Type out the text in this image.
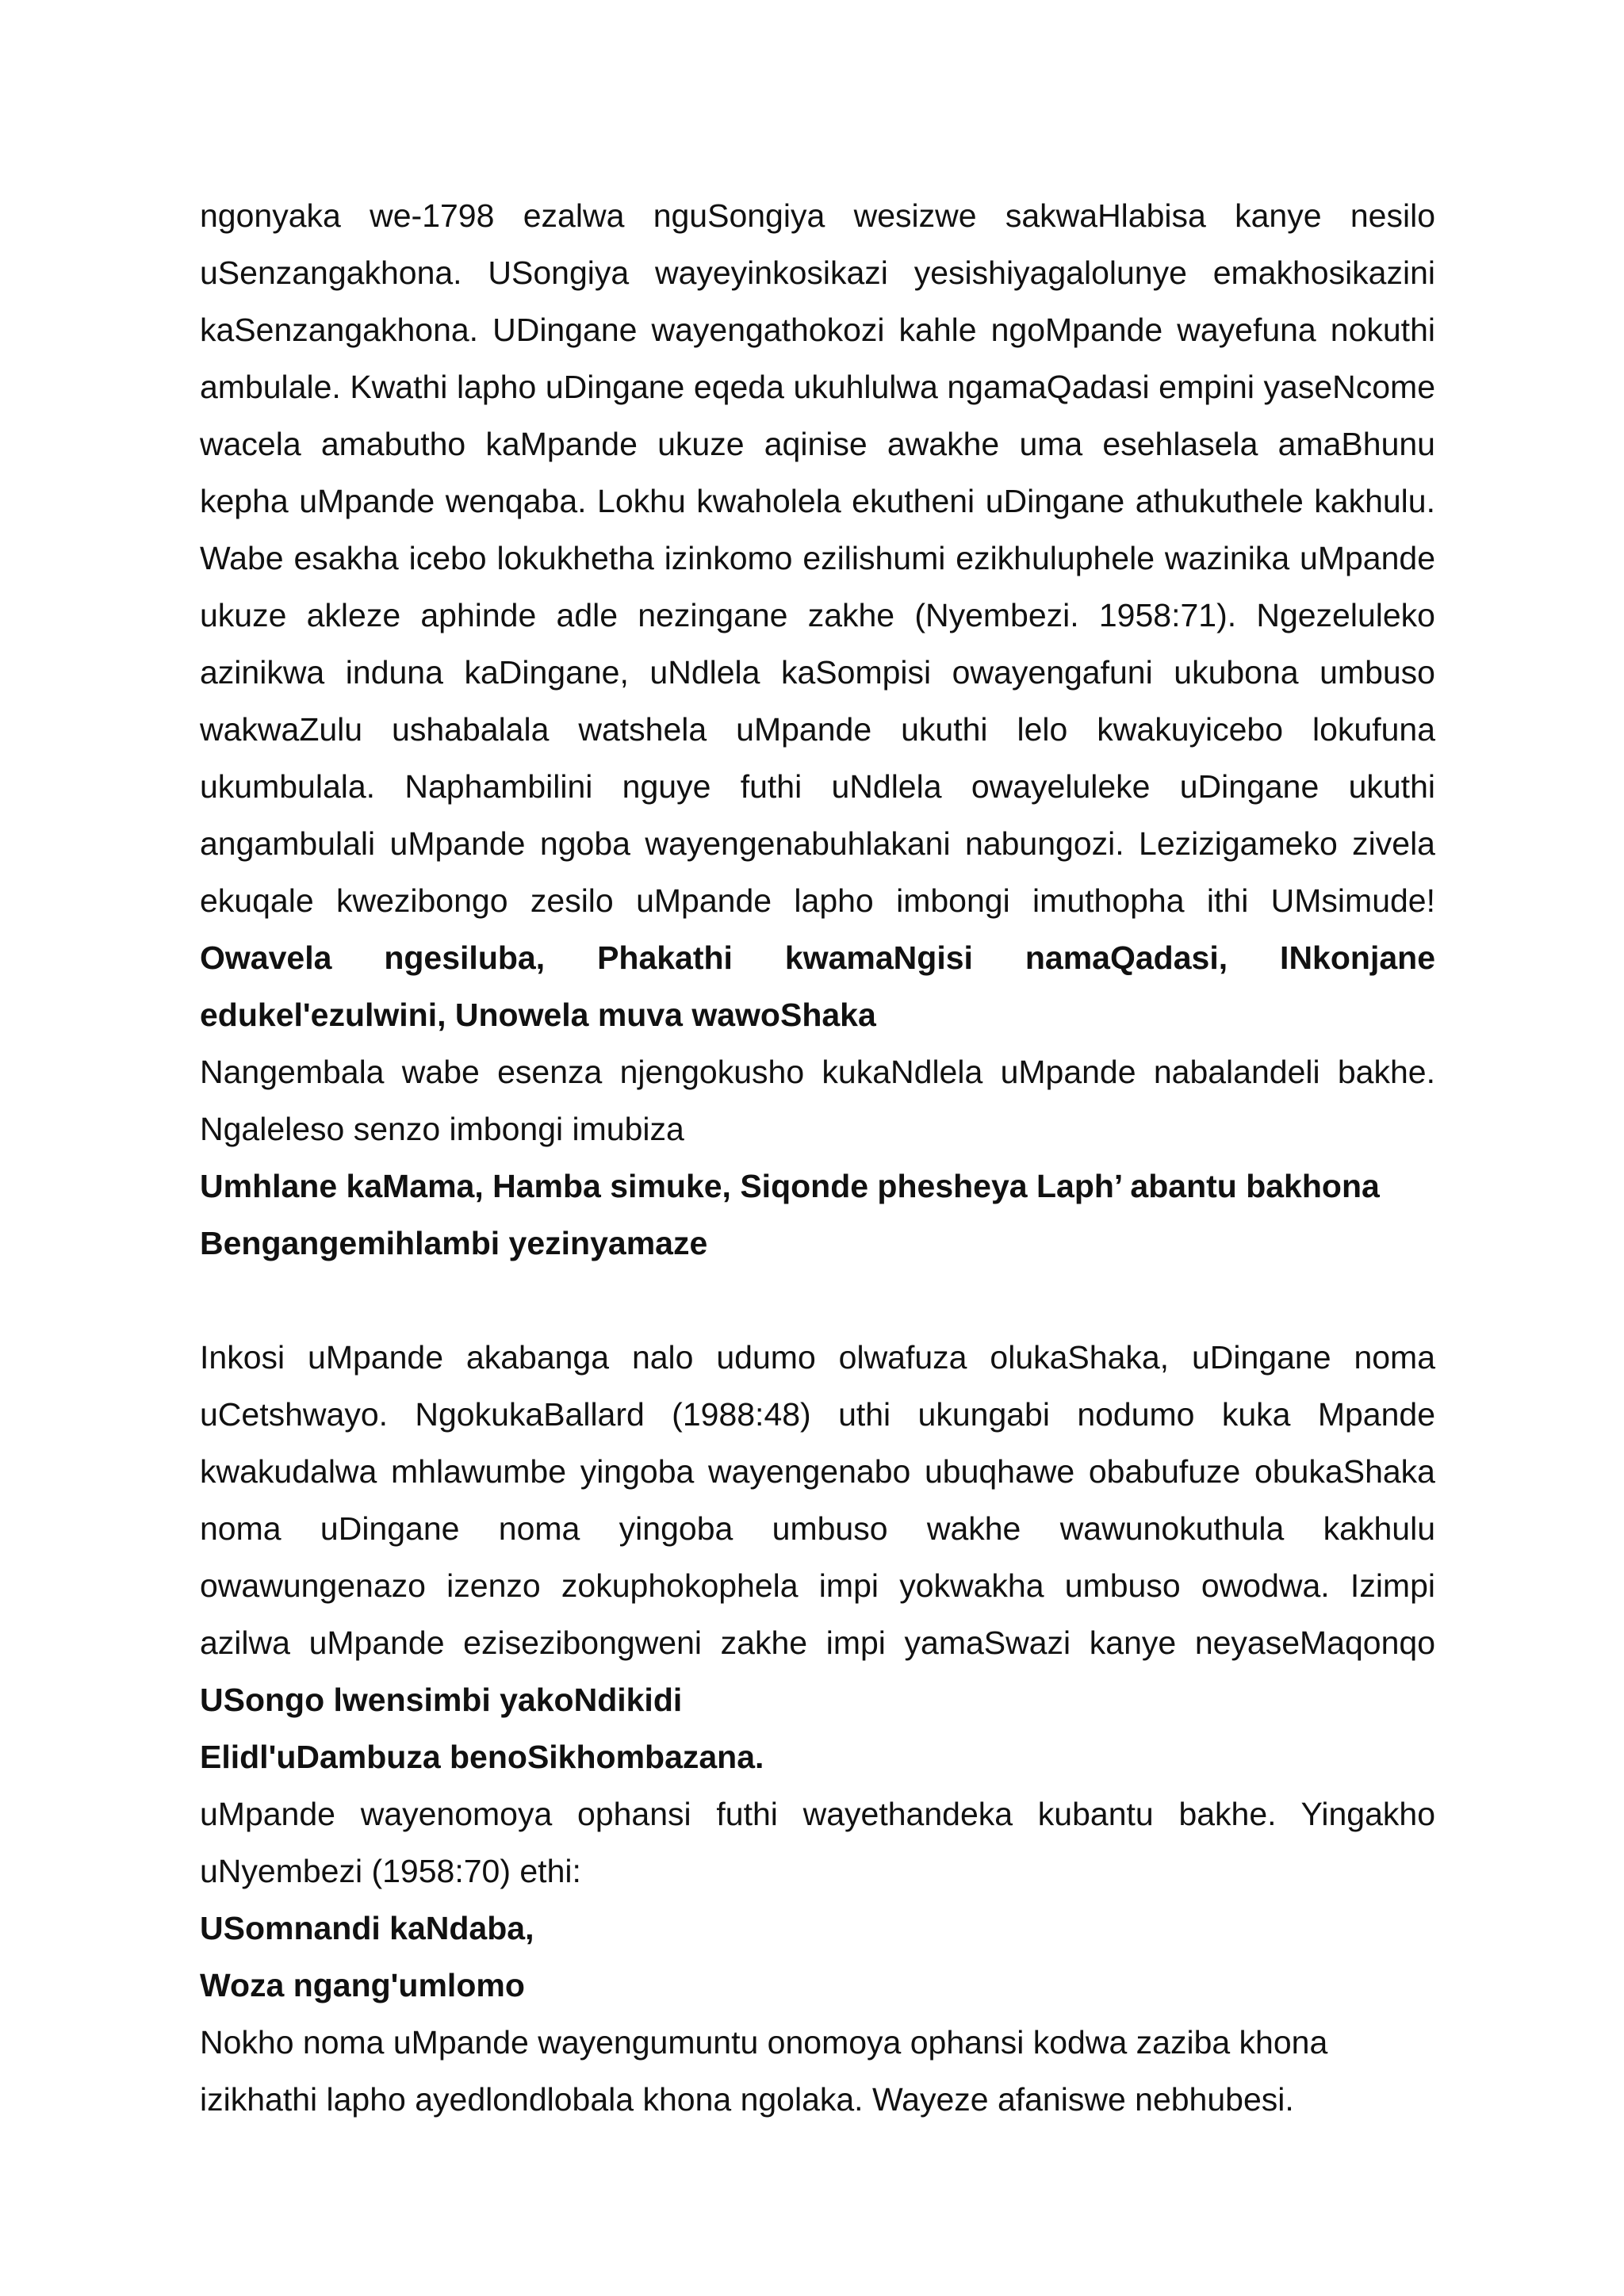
ngonyaka we-1798 ezalwa nguSongiya wesizwe sakwaHlabisa kanye nesilo
uSenzangakhona. USongiya wayeyinkosikazi yesishiyagalolunye emakhosikazini
kaSenzangakhona. UDingane wayengathokozi kahle ngoMpande wayefuna nokuthi
ambulale. Kwathi lapho uDingane eqeda ukuhlulwa ngamaQadasi empini yaseNcome
wacela amabutho kaMpande ukuze aqinise awakhe uma esehlasela amaBhunu
kepha uMpande wenqaba. Lokhu kwaholela ekutheni uDingane athukuthele kakhulu.
Wabe esakha icebo lokukhetha izinkomo ezilishumi ezikhuluphele wazinika uMpande
ukuze akleze aphinde adle nezingane zakhe (Nyembezi. 1958:71). Ngezeluleko
azinikwa induna kaDingane, uNdlela kaSompisi owayengafuni ukubona umbuso
wakwaZulu ushabalala watshela uMpande ukuthi lelo kwakuyicebo lokufuna
ukumbulala. Naphambilini nguye futhi uNdlela owayeluleke uDingane ukuthi
angambulali uMpande ngoba wayengenabuhlakani nabungozi. Lezizigameko zivela
ekuqale kwezibongo zesilo uMpande lapho imbongi imuthopha ithi UMsimude!
Owavela ngesiluba, Phakathi kwamaNgisi namaQadasi, INkonjane
edukel'ezulwini, Unowela muva wawoShaka
Nangembala wabe esenza njengokusho kukaNdlela uMpande nabalandeli bakhe.
Ngaleleso senzo imbongi imubiza
Umhlane kaMama, Hamba simuke, Siqonde phesheya Laph’ abantu bakhona
Bengangemihlambi yezinyamaze
Inkosi uMpande akabanga nalo udumo olwafuza olukaShaka, uDingane noma
uCetshwayo. NgokukaBallard (1988:48) uthi ukungabi nodumo kuka Mpande
kwakudalwa mhlawumbe yingoba wayengenabo ubuqhawe obabufuze obukaShaka
noma uDingane noma yingoba umbuso wakhe wawunokuthula kakhulu
owawungenazo izenzo zokuphokophela impi yokwakha umbuso owodwa. Izimpi
azilwa uMpande ezisezibongweni zakhe impi yamaSwazi kanye neyaseMaqonqo
USongo lwensimbi yakoNdikidi
Elidl'uDambuza benoSikhombazana.
uMpande wayenomoya ophansi futhi wayethandeka kubantu bakhe. Yingakho
uNyembezi (1958:70) ethi:
USomnandi kaNdaba,
Woza ngang'umlomo
Nokho noma uMpande wayengumuntu onomoya ophansi kodwa zaziba khona
izikhathi lapho ayedlondlobala khona ngolaka. Wayeze afaniswe nebhubesi.
